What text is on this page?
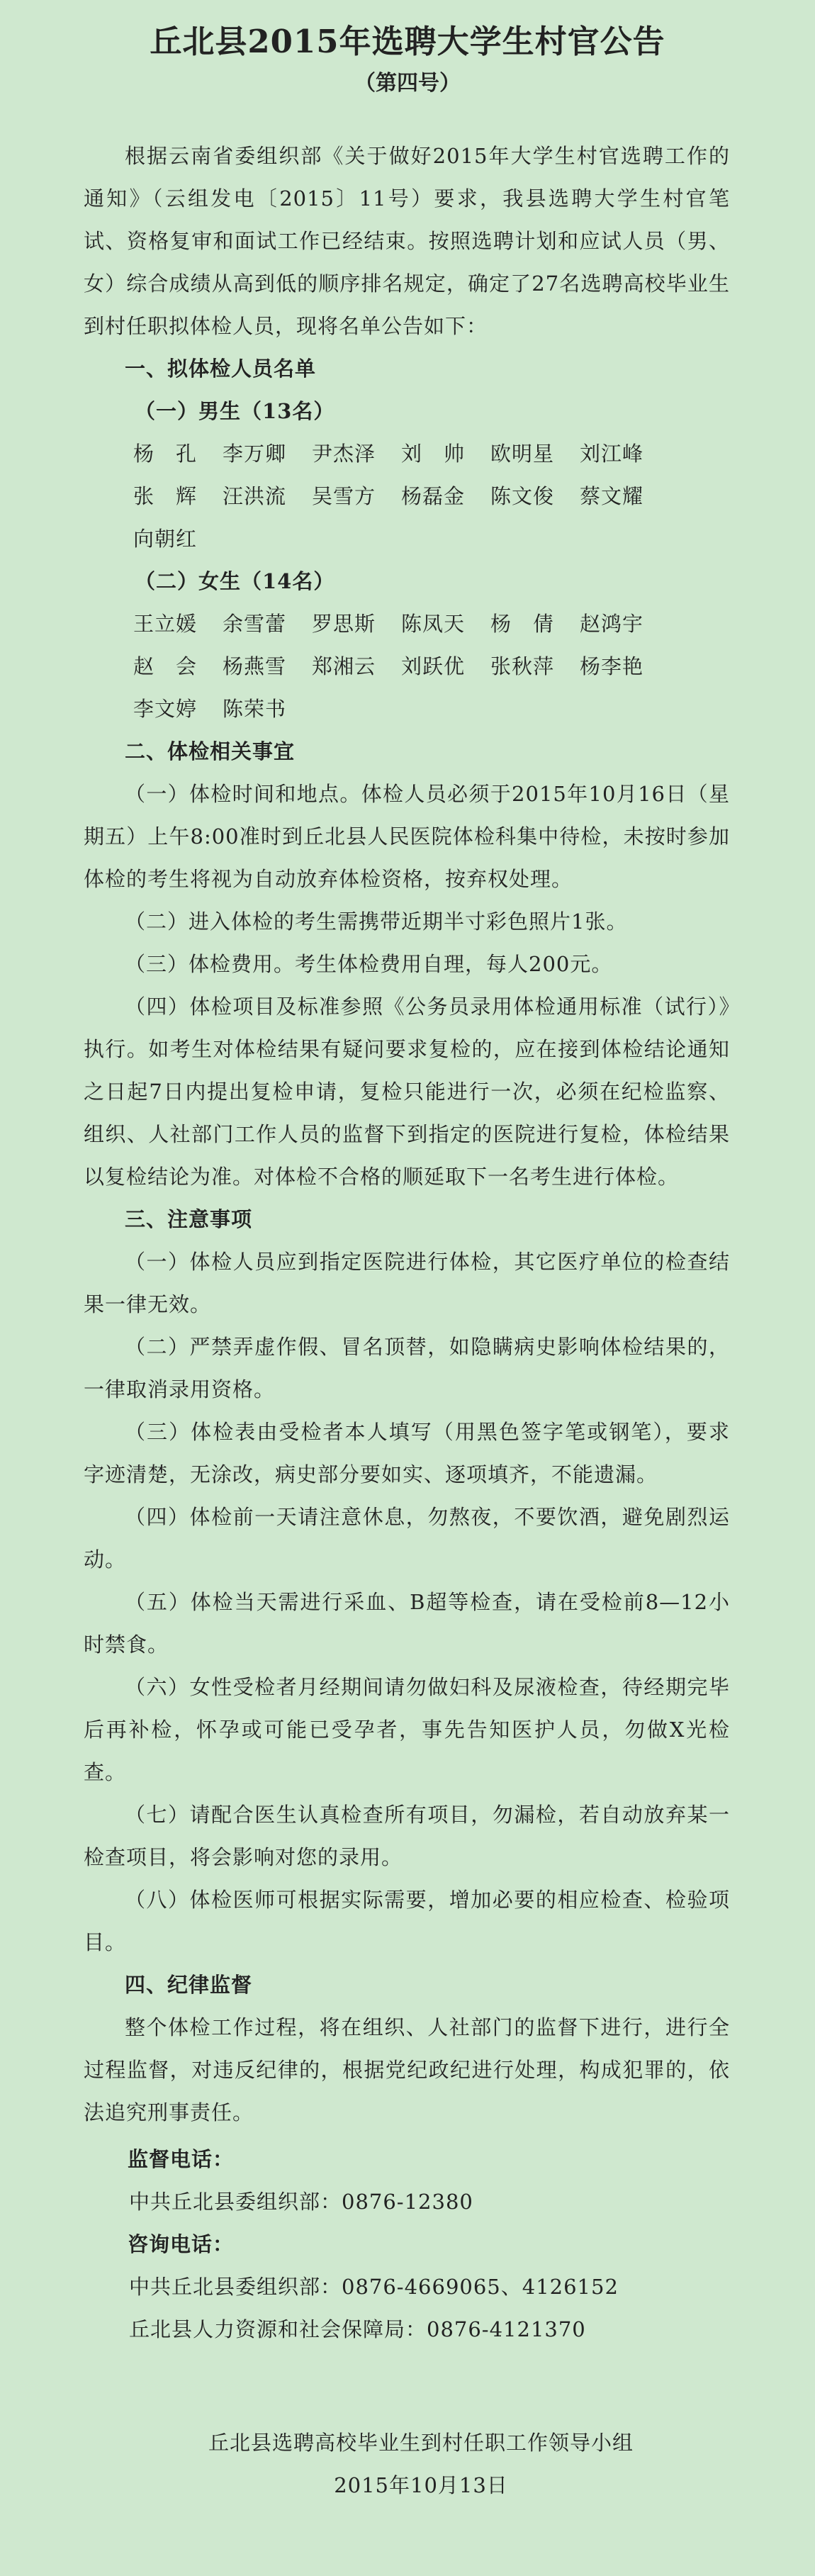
丘北县2015年选聘大学生村官公告
（第四号）

根据云南省委组织部《关于做好2015年大学生村官选聘工作的通知》（云组发电〔2015〕11号）要求，我县选聘大学生村官笔试、资格复审和面试工作已经结束。按照选聘计划和应试人员（男、女）综合成绩从高到低的顺序排名规定，确定了27名选聘高校毕业生到村任职拟体检人员，现将名单公告如下：

一、拟体检人员名单

（一）男生（13名）

杨　孔 李万卿 尹杰泽 刘　帅 欧明星 刘江峰
张　辉 汪洪流 吴雪方 杨磊金 陈文俊 蔡文耀
向朝红

（二）女生（14名）

王立媛 余雪蕾 罗思斯 陈凤天 杨　倩 赵鸿宇
赵　会 杨燕雪 郑湘云 刘跃优 张秋萍 杨李艳
李文婷 陈荣书

二、体检相关事宜

（一）体检时间和地点。体检人员必须于2015年10月16日（星期五）上午8:00准时到丘北县人民医院体检科集中待检，未按时参加体检的考生将视为自动放弃体检资格，按弃权处理。

（二）进入体检的考生需携带近期半寸彩色照片1张。

（三）体检费用。考生体检费用自理，每人200元。

（四）体检项目及标准参照《公务员录用体检通用标准（试行）》执行。如考生对体检结果有疑问要求复检的，应在接到体检结论通知之日起7日内提出复检申请，复检只能进行一次，必须在纪检监察、组织、人社部门工作人员的监督下到指定的医院进行复检，体检结果以复检结论为准。对体检不合格的顺延取下一名考生进行体检。

三、注意事项

（一）体检人员应到指定医院进行体检，其它医疗单位的检查结果一律无效。

（二）严禁弄虚作假、冒名顶替，如隐瞒病史影响体检结果的，一律取消录用资格。

（三）体检表由受检者本人填写（用黑色签字笔或钢笔），要求字迹清楚，无涂改，病史部分要如实、逐项填齐，不能遗漏。

（四）体检前一天请注意休息，勿熬夜，不要饮酒，避免剧烈运动。

（五）体检当天需进行采血、B超等检查，请在受检前8—12小时禁食。

（六）女性受检者月经期间请勿做妇科及尿液检查，待经期完毕后再补检，怀孕或可能已受孕者，事先告知医护人员，勿做X光检查。

（七）请配合医生认真检查所有项目，勿漏检，若自动放弃某一检查项目，将会影响对您的录用。

（八）体检医师可根据实际需要，增加必要的相应检查、检验项目。

四、纪律监督

整个体检工作过程，将在组织、人社部门的监督下进行，进行全过程监督，对违反纪律的，根据党纪政纪进行处理，构成犯罪的，依法追究刑事责任。

监督电话：

中共丘北县委组织部：0876-12380

咨询电话：

中共丘北县委组织部：0876-4669065、4126152

丘北县人力资源和社会保障局：0876-4121370

丘北县选聘高校毕业生到村任职工作领导小组

2015年10月13日
